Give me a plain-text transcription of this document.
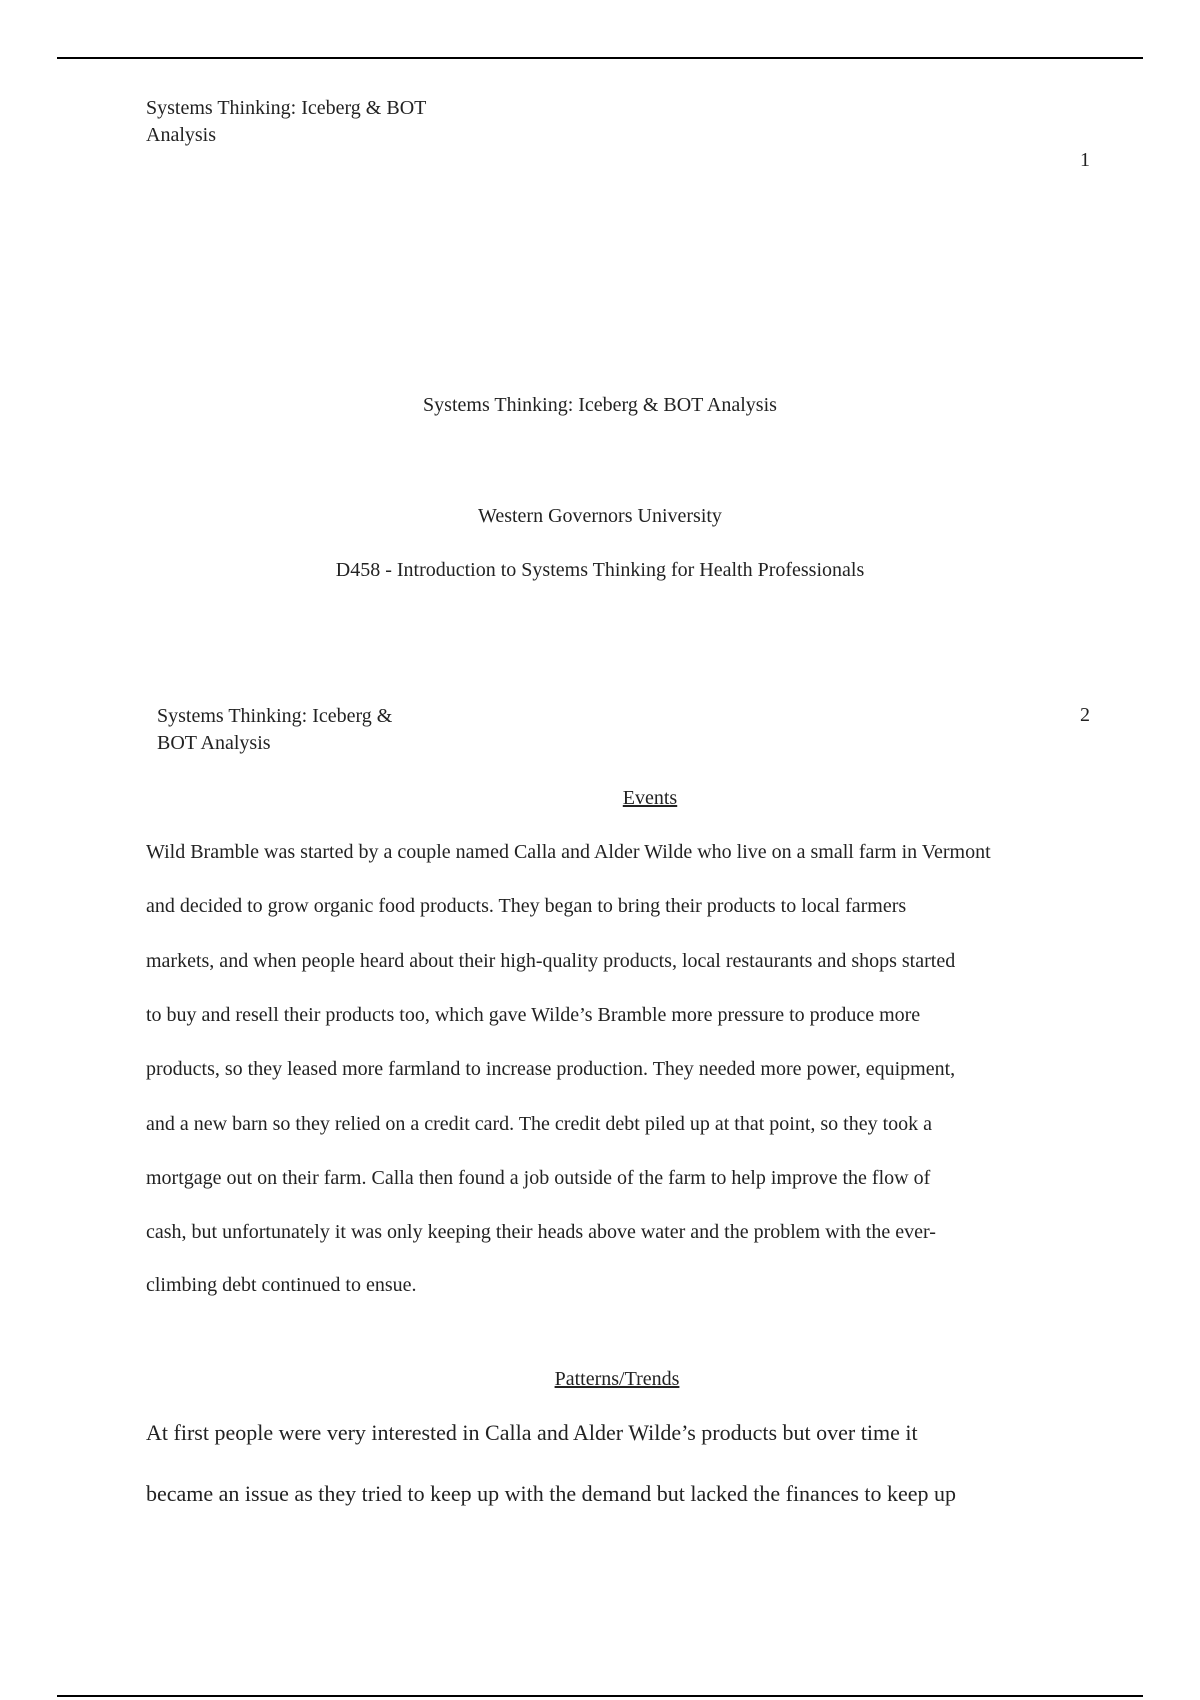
Systems Thinking: Iceberg & BOT
Analysis
1
Systems Thinking: Iceberg & BOT Analysis
Western Governors University
D458 - Introduction to Systems Thinking for Health Professionals
Systems Thinking: Iceberg &
BOT Analysis
2
Events
Wild Bramble was started by a couple named Calla and Alder Wilde who live on a small farm in Vermont
and decided to grow organic food products. They began to bring their products to local farmers
markets, and when people heard about their high-quality products, local restaurants and shops started
to buy and resell their products too, which gave Wilde’s Bramble more pressure to produce more
products, so they leased more farmland to increase production. They needed more power, equipment,
and a new barn so they relied on a credit card. The credit debt piled up at that point, so they took a
mortgage out on their farm. Calla then found a job outside of the farm to help improve the flow of
cash, but unfortunately it was only keeping their heads above water and the problem with the ever-
climbing debt continued to ensue.
Patterns/Trends
At first people were very interested in Calla and Alder Wilde’s products but over time it
became an issue as they tried to keep up with the demand but lacked the finances to keep up
